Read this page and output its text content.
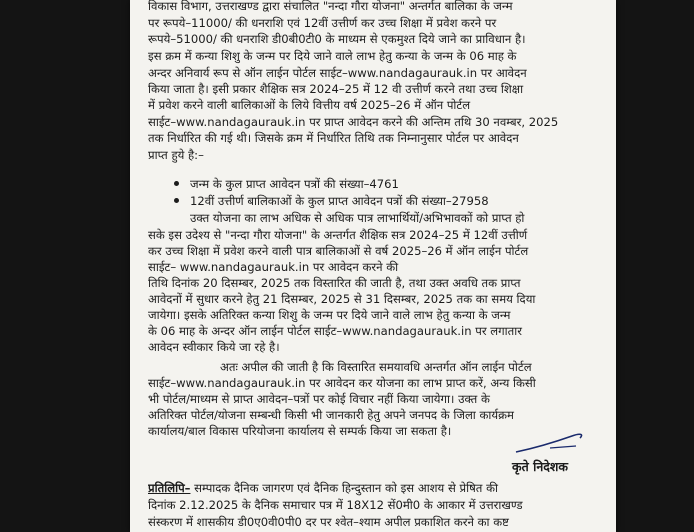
विकास विभाग, उत्तराखण्ड द्वारा संचालित "नन्दा गौरा योजना" अन्तर्गत बालिका के जन्म
पर रूपये–11000/ की धनराशि एवं 12वीं उत्तीर्ण कर उच्च शिक्षा में प्रवेश करने पर
रूपये–51000/ की धनराशि डी0बी0टी0 के माध्यम से एकमुश्त दिये जाने का प्राविधान है।
इस क्रम में कन्या शिशु के जन्म पर दिये जाने वाले लाभ हेतु कन्या के जन्म के 06 माह के
अन्दर अनिवार्य रूप से ऑन लाईन पोर्टल साईट–www.nandagaurauk.in पर आवेदन
किया जाता है। इसी प्रकार शैक्षिक सत्र 2024–25 में 12 वी उत्तीर्ण करने तथा उच्च शिक्षा
में प्रवेश करने वाली बालिकाओं के लिये वित्तीय वर्ष 2025–26 में ऑन पोर्टल
साईट–www.nandagaurauk.in पर प्राप्त आवेदन करने की अन्तिम तथि 30 नवम्बर, 2025
तक निर्धारित की गई थी। जिसके क्रम में निर्धारित तिथि तक निम्नानुसार पोर्टल पर आवेदन
प्राप्त हुये है:–
जन्म के कुल प्राप्त आवेदन पत्रों की संख्या–4761
12वीं उत्तीर्ण बालिकाओं के कुल प्राप्त आवेदन पत्रों की संख्या–27958
उक्त योजना का लाभ अधिक से अधिक पात्र लाभार्थियों/अभिभावकों को प्राप्त हो
सके इस उदेश्य से "नन्दा गौरा योजना" के अन्तर्गत शैक्षिक सत्र 2024–25 में 12वीं उत्तीर्ण
कर उच्च शिक्षा में प्रवेश करने वाली पात्र बालिकाओं से वर्ष 2025–26 में ऑन लाईन पोर्टल
साईट– www.nandagaurauk.in पर आवेदन करने की
तिथि दिनांक 20 दिसम्बर, 2025 तक विस्तारित की जाती है, तथा उक्त अवधि तक प्राप्त
आवेदनों में सुधार करने हेतु 21 दिसम्बर, 2025 से 31 दिसम्बर, 2025 तक का समय दिया
जायेगा। इसके अतिरिक्त कन्या शिशु के जन्म पर दिये जाने वाले लाभ हेतु कन्या के जन्म
के 06 माह के अन्दर ऑन लाईन पोर्टल साईट–www.nandagaurauk.in पर लगातार
आवेदन स्वीकार किये जा रहे है।
अतः अपील की जाती है कि विस्तारित समयावधि अन्तर्गत ऑन लाईन पोर्टल
साईट–www.nandagaurauk.in पर आवेदन कर योजना का लाभ प्राप्त करें, अन्य किसी
भी पोर्टल/माध्यम से प्राप्त आवेदन–पत्रों पर कोई विचार नहीं किया जायेगा। उक्त के
अतिरिक्त पोर्टल/योजना सम्बन्धी किसी भी जानकारी हेतु अपने जनपद के जिला कार्यक्रम
कार्यालय/बाल विकास परियोजना कार्यालय से सम्पर्क किया जा सकता है।
कृते निदेशक
प्रतिलिपि– सम्पादक दैनिक जागरण एवं दैनिक हिन्दुस्तान को इस आशय से प्रेषित की
दिनांक 2.12.2025 के दैनिक समाचार पत्र में 18X12 सें0मी0 के आकार में उत्तराखण्ड
संस्करण में शासकीय डी0ए0वी0पी0 दर पर श्वेत–श्याम अपील प्रकाशित करने का कष्ट
